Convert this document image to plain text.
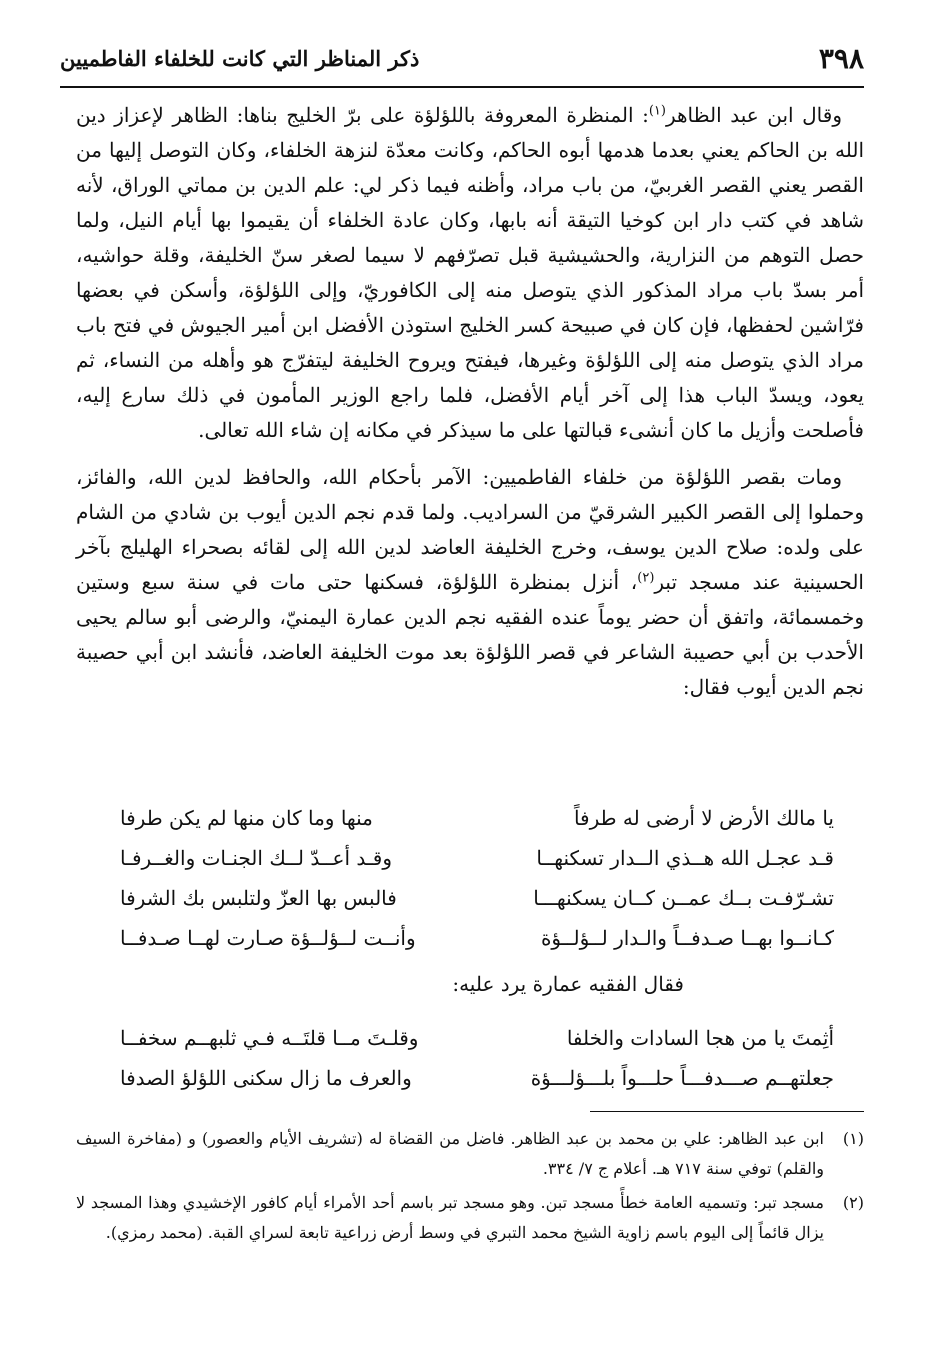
٣٩٨
ذكر المناظر التي كانت للخلفاء الفاطميين

وقال ابن عبد الظاهر$^{(١)}$: المنظرة المعروفة باللؤلؤة على برّ الخليج بناها: الظاهر لإعزاز دين الله بن الحاكم يعني بعدما هدمها أبوه الحاكم، وكانت معدّة لنزهة الخلفاء، وكان التوصل إليها من القصر يعني القصر الغربيّ، من باب مراد، وأظنه فيما ذكر لي: علم الدين بن مماتي الوراق، لأنه شاهد في كتب دار ابن كوخيا التيقة أنه بابها، وكان عادة الخلفاء أن يقيموا بها أيام النيل، ولما حصل التوهم من النزارية، والحشيشية قبل تصرّفهم لا سيما لصغر سنّ الخليفة، وقلة حواشيه، أمر بسدّ باب مراد المذكور الذي يتوصل منه إلى الكافوريّ، وإلى اللؤلؤة، وأسكن في بعضها فرّاشين لحفظها، فإن كان في صبيحة كسر الخليج استوذن الأفضل ابن أمير الجيوش في فتح باب مراد الذي يتوصل منه إلى اللؤلؤة وغيرها، فيفتح ويروح الخليفة ليتفرّج هو وأهله من النساء، ثم يعود، ويسدّ الباب هذا إلى آخر أيام الأفضل، فلما راجع الوزير المأمون في ذلك سارع إليه، فأصلحت وأزيل ما كان أنشىء قبالتها على ما سيذكر في مكانه إن شاء الله تعالى.

ومات بقصر اللؤلؤة من خلفاء الفاطميين: الآمر بأحكام الله، والحافظ لدين الله، والفائز، وحملوا إلى القصر الكبير الشرقيّ من السراديب. ولما قدم نجم الدين أيوب بن شادي من الشام على ولده: صلاح الدين يوسف، وخرج الخليفة العاضد لدين الله إلى لقائه بصحراء الهليلج بآخر الحسينية عند مسجد تبر$^{(٢)}$، أنزل بمنظرة اللؤلؤة، فسكنها حتى مات في سنة سبع وستين وخمسمائة، واتفق أن حضر يوماً عنده الفقيه نجم الدين عمارة اليمنيّ، والرضى أبو سالم يحيى الأحدب بن أبي حصيبة الشاعر في قصر اللؤلؤة بعد موت الخليفة العاضد، فأنشد ابن أبي حصيبة نجم الدين أيوب فقال:

يا مالك الأرض لا أرضى له طرفاً
منها وما كان منها لم يكن طرفا
قـد عجـل الله هــذي الــدار تسكنهــا
وقـد أعــدّ لــك الجنـات والغــرفـا
تشـرّفـت بــك عمــن كــان يسكنهـــا
فالبس بها العزّ ولتلبس بك الشرفا
كـانــوا بهــا صـدفــاً والـدار لــؤلــؤة
وأنــت لــؤلــؤة صـارت لهــا صـدفــا
فقال الفقيه عمارة يرد عليه:
أثِمتَ يا من هجا السادات والخلفا
وقلـتَ مــا قلتَــه فـي ثلبهــم سخفــا
جعلتهــم صـــدفـــاً حلـــواً بلـــؤلـــؤة
والعرف ما زال سكنى اللؤلؤ الصدفا
(١)
ابن عبد الظاهر: علي بن محمد بن عبد الظاهر. فاضل من القضاة له (تشريف الأيام والعصور) و (مفاخرة السيف والقلم) توفي سنة ٧١٧ هـ. أعلام ج ٧/ ٣٣٤.
(٢)
مسجد تبر: وتسميه العامة خطأً مسجد تبن. وهو مسجد تبر باسم أحد الأمراء أيام كافور الإخشيدي وهذا المسجد لا يزال قائماً إلى اليوم باسم زاوية الشيخ محمد التبري في وسط أرض زراعية تابعة لسراي القبة. (محمد رمزي).
